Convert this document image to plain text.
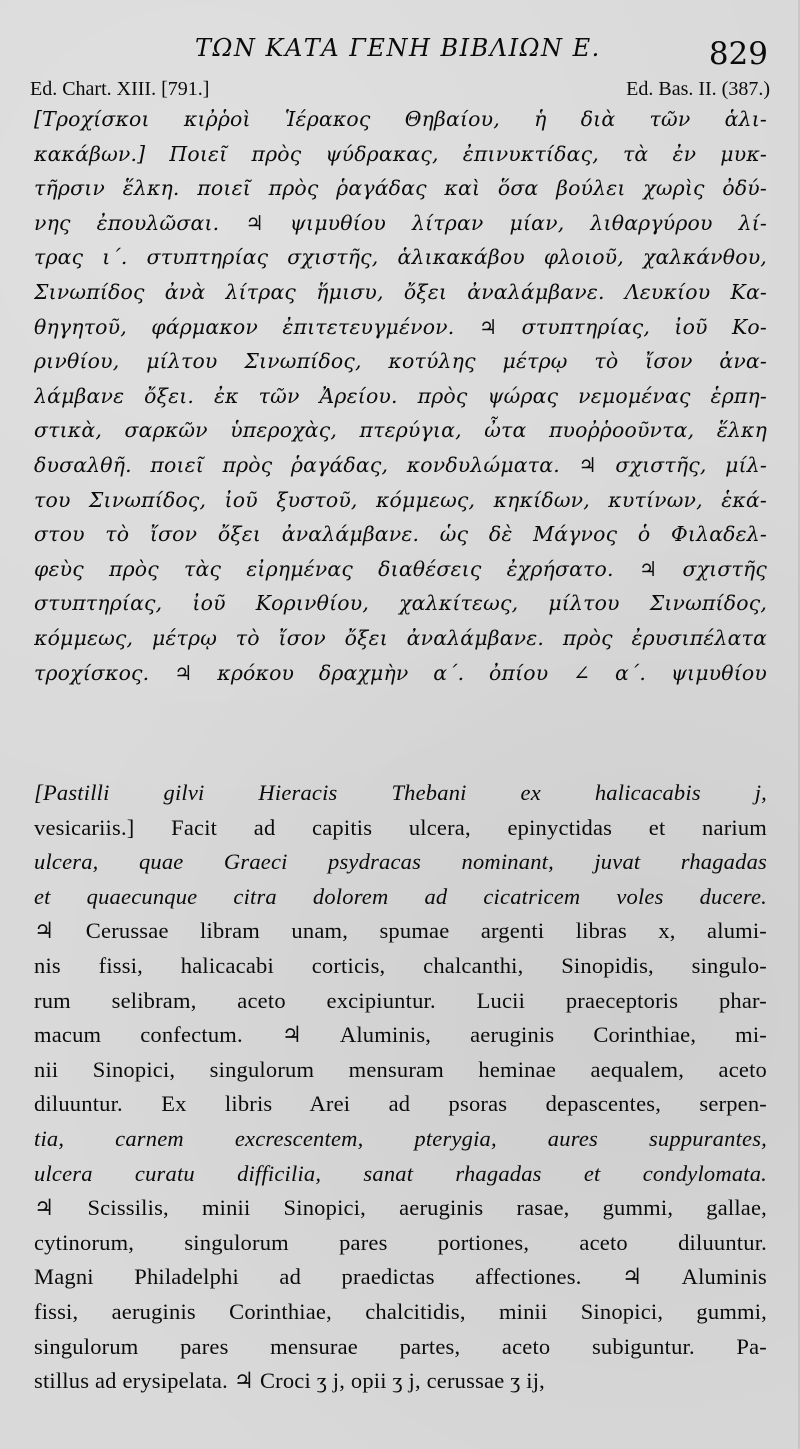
ΤΩΝ ΚΑΤΑ ΓΕΝΗ ΒΙΒΛΙΩΝ Ε.	829
Ed. Chart. XIII. [791.]	Ed. Bas. II. (387.)
[Τροχίσκοι κιῤῥοὶ Ἱέρακος Θηβαίου, ἡ διὰ τῶν ἁλι-
κακάβων.] Ποιεῖ πρὸς ψύδρακας, ἐπινυκτίδας, τὰ ἐν μυκ-
τῆρσιν ἕλκη. ποιεῖ πρὸς ῥαγάδας καὶ ὅσα βούλει χωρὶς ὀδύ-
νης ἐπουλῶσαι. ♃ ψιμυθίου λίτραν μίαν, λιθαργύρου λί-
τρας ι΄. στυπτηρίας σχιστῆς, ἁλικακάβου φλοιοῦ, χαλκάνθου,
Σινωπίδος ἀνὰ λίτρας ἥμισυ, ὄξει ἀναλάμβανε. Λευκίου Κα-
θηγητοῦ, φάρμακον ἐπιτετευγμένον. ♃ στυπτηρίας, ἰοῦ Κο-
ρινθίου, μίλτου Σινωπίδος, κοτύλης μέτρῳ τὸ ἴσον ἀνα-
λάμβανε ὄξει. ἐκ τῶν Ἀρείου. πρὸς ψώρας νεμομένας ἑρπη-
στικὰ, σαρκῶν ὑπεροχὰς, πτερύγια, ὦτα πυοῤῥοοῦντα, ἕλκη
δυσαλθῆ. ποιεῖ πρὸς ῥαγάδας, κονδυλώματα. ♃ σχιστῆς, μίλ-
του Σινωπίδος, ἰοῦ ξυστοῦ, κόμμεως, κηκίδων, κυτίνων, ἑκά-
στου τὸ ἴσον ὄξει ἀναλάμβανε. ὡς δὲ Μάγνος ὁ Φιλαδελ-
φεὺς πρὸς τὰς εἰρημένας διαθέσεις ἐχρήσατο. ♃ σχιστῆς
στυπτηρίας, ἰοῦ Κορινθίου, χαλκίτεως, μίλτου Σινωπίδος,
κόμμεως, μέτρῳ τὸ ἴσον ὄξει ἀναλάμβανε. πρὸς ἐρυσιπέλατα
τροχίσκος. ♃ κρόκου δραχμὴν α΄. ὀπίου ∠ α΄. ψιμυθίου
[Pastilli gilvi Hieracis Thebani ex halicacabis j,
vesicariis.] Facit ad capitis ulcera, epinyctidas et narium
ulcera, quae Graeci psydracas nominant, juvat rhagadas
et quaecunque citra dolorem ad cicatricem voles ducere.
♃ Cerussae libram unam, spumae argenti libras x, alumi-
nis fissi, halicacabi corticis, chalcanthi, Sinopidis, singulo-
rum selibram, aceto excipiuntur. Lucii praeceptoris phar-
macum confectum. ♃ Aluminis, aeruginis Corinthiae, mi-
nii Sinopici, singulorum mensuram heminae aequalem, aceto
diluuntur. Ex libris Arei ad psoras depascentes, serpen-
tia, carnem excrescentem, pterygia, aures suppurantes,
ulcera curatu difficilia, sanat rhagadas et condylomata.
♃ Scissilis, minii Sinopici, aeruginis rasae, gummi, gallae,
cytinorum, singulorum pares portiones, aceto diluuntur.
Magni Philadelphi ad praedictas affectiones. ♃ Aluminis
fissi, aeruginis Corinthiae, chalcitidis, minii Sinopici, gummi,
singulorum pares mensurae partes, aceto subiguntur. Pa-
stillus ad erysipelata. ♃ Croci ʒ j, opii ʒ j, cerussae ʒ ij,
